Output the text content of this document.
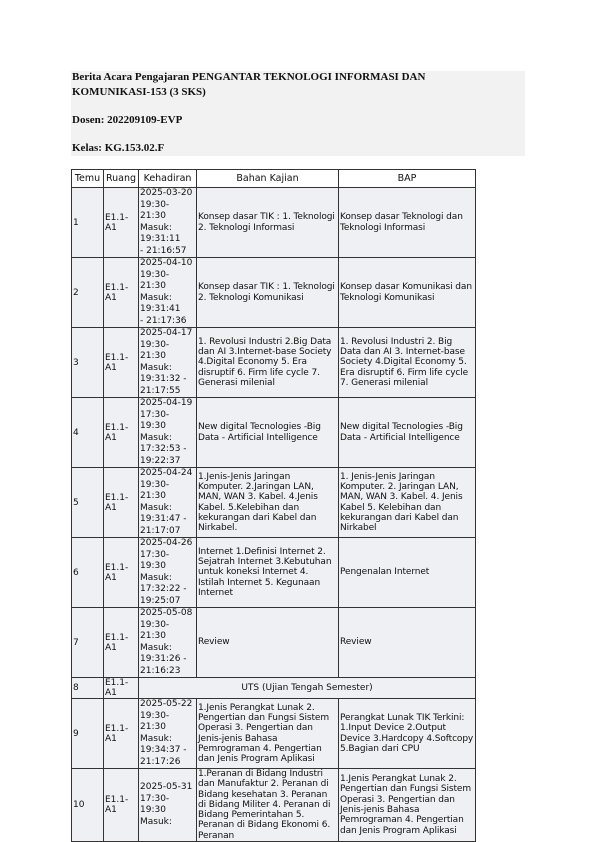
Berita Acara Pengajaran PENGANTAR TEKNOLOGI INFORMASI DAN
KOMUNIKASI-153 (3 SKS)
Dosen: 202209109-EVP
Kelas: KG.153.02.F
Temu	Ruang	Kehadiran	Bahan Kajian	BAP
1	E1.1-A1	2025-03-20
19:30-21:30
Masuk: 19:31:11
- 21:16:57	Konsep dasar TIK : 1. Teknologi 2. Teknologi Informasi	Konsep dasar Teknologi dan Teknologi Informasi
2	E1.1-A1	2025-04-10
19:30-21:30
Masuk: 19:31:41
- 21:17:36	Konsep dasar TIK : 1. Teknologi 2. Teknologi Komunikasi	Konsep dasar Komunikasi dan Teknologi Komunikasi
3	E1.1-A1	2025-04-17
19:30-21:30
Masuk:
19:31:32 -
21:17:55	1. Revolusi Industri 2.Big Data dan AI 3.Internet-base Society 4.Digital Economy 5. Era disruptif 6. Firm life cycle 7. Generasi milenial	1. Revolusi Industri 2. Big Data dan AI 3. Internet-base Society 4.Digital Economy 5. Era disruptif 6. Firm life cycle 7. Generasi milenial
4	E1.1-A1	2025-04-19
17:30-19:30
Masuk:
17:32:53 -
19:22:37	New digital Tecnologies -Big Data - Artificial Intelligence	New digital Tecnologies -Big Data - Artificial Intelligence
5	E1.1-A1	2025-04-24
19:30-21:30
Masuk:
19:31:47 -
21:17:07	1.Jenis-Jenis Jaringan Komputer. 2.Jaringan LAN, MAN, WAN 3. Kabel. 4.Jenis Kabel. 5.Kelebihan dan kekurangan dari Kabel dan Nirkabel.	1. Jenis-Jenis Jaringan Komputer. 2. Jaringan LAN, MAN, WAN 3. Kabel. 4. Jenis Kabel 5. Kelebihan dan kekurangan dari Kabel dan Nirkabel
6	E1.1-A1	2025-04-26
17:30-19:30
Masuk:
17:32:22 -
19:25:07	Internet 1.Definisi Internet 2. Sejatrah Internet 3.Kebutuhan untuk koneksi Internet 4. Istilah Internet 5. Kegunaan Internet	Pengenalan Internet
7	E1.1-A1	2025-05-08
19:30-21:30
Masuk:
19:31:26 -
21:16:23	Review	Review
8	E1.1-A1	UTS (Ujian Tengah Semester)		
9	E1.1-A1	2025-05-22
19:30-21:30
Masuk:
19:34:37 -
21:17:26	1.Jenis Perangkat Lunak 2. Pengertian dan Fungsi Sistem Operasi 3. Pengertian dan Jenis-jenis Bahasa Pemrograman 4. Pengertian dan Jenis Program Aplikasi	Perangkat Lunak TIK Terkini: 1.Input Device 2.Output Device 3.Hardcopy 4.Softcopy 5.Bagian dari CPU
10	E1.1-A1	2025-05-31
17:30-19:30
Masuk:	1.Peranan di Bidang Industri dan Manufaktur 2. Peranan di Bidang kesehatan 3. Peranan di Bidang Militer 4. Peranan di Bidang Pemerintahan 5. Peranan di Bidang Ekonomi 6. Peranan	1.Jenis Perangkat Lunak 2. Pengertian dan Fungsi Sistem Operasi 3. Pengertian dan Jenis-jenis Bahasa Pemrograman 4. Pengertian dan Jenis Program Aplikasi
